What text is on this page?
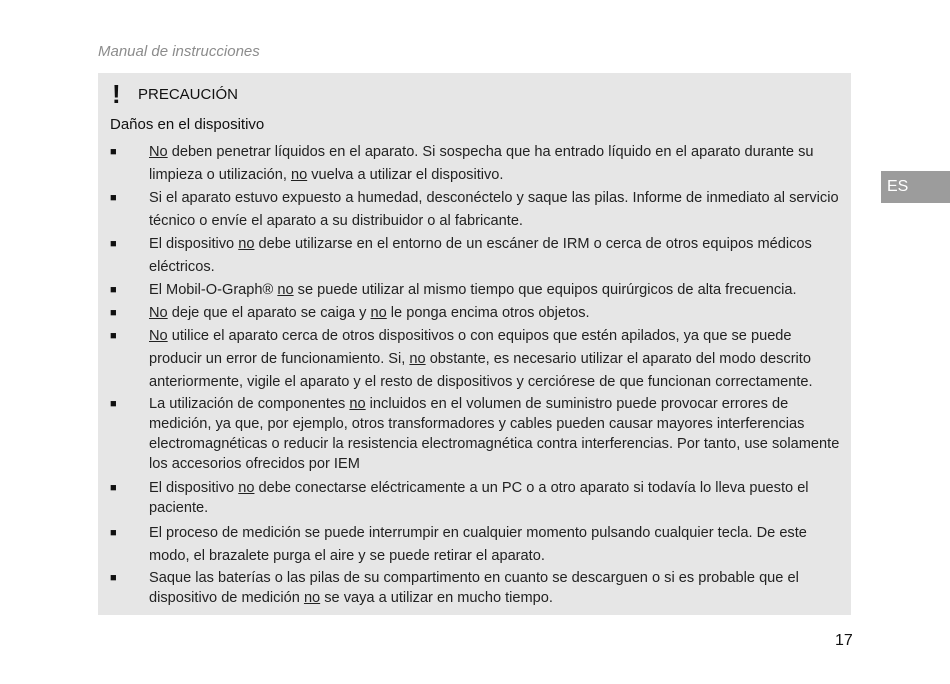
Manual de instrucciones
!	PRECAUCIÓN
Daños en el dispositivo
■ No deben penetrar líquidos en el aparato. Si sospecha que ha entrado líquido en el aparato durante su limpieza o utilización, no vuelva a utilizar el dispositivo.
■ Si el aparato estuvo expuesto a humedad, desconéctelo y saque las pilas. Informe de inmediato al servicio técnico o envíe el aparato a su distribuidor o al fabricante.
■ El dispositivo no debe utilizarse en el entorno de un escáner de IRM o cerca de otros equipos médicos eléctricos.
■ El Mobil-O-Graph® no se puede utilizar al mismo tiempo que equipos quirúrgicos de alta frecuencia.
■ No deje que el aparato se caiga y no le ponga encima otros objetos.
■ No utilice el aparato cerca de otros dispositivos o con equipos que estén apilados, ya que se puede producir un error de funcionamiento. Si, no obstante, es necesario utilizar el aparato del modo descrito anteriormente, vigile el aparato y el resto de dispositivos y cerciórese de que funcionan correctamente.
■ La utilización de componentes no incluidos en el volumen de suministro puede provocar errores de medición, ya que, por ejemplo, otros transformadores y cables pueden causar mayores interferencias electromagnéticas o reducir la resistencia electromagnética contra interferencias. Por tanto, use solamente los accesorios ofrecidos por IEM
■ El dispositivo no debe conectarse eléctricamente a un PC o a otro aparato si todavía lo lleva puesto el paciente.
■ El proceso de medición se puede interrumpir en cualquier momento pulsando cualquier tecla. De este modo, el brazalete purga el aire y se puede retirar el aparato.
■ Saque las baterías o las pilas de su compartimento en cuanto se descarguen o si es probable que el dispositivo de medición no se vaya a utilizar en mucho tiempo.
ES
17
